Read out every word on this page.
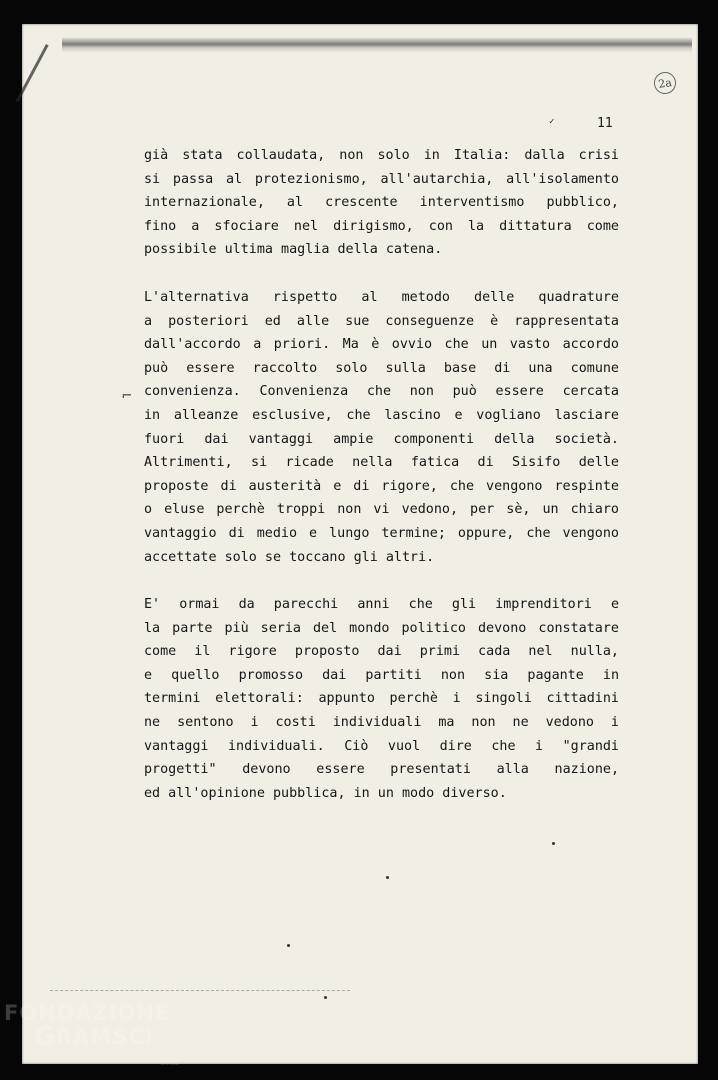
2a
✓	11
⌐
già stata collaudata, non solo in Italia: dalla crisi
si passa al protezionismo, all'autarchia, all'isolamento
internazionale, al crescente interventismo pubblico,
fino a sfociare nel dirigismo, con la dittatura come
possibile ultima maglia della catena.
L'alternativa rispetto al metodo delle quadrature
a posteriori ed alle sue conseguenze è rappresentata
dall'accordo a priori. Ma è ovvio che un vasto accordo
può essere raccolto solo sulla base di una comune
convenienza. Convenienza che non può essere cercata
in alleanze esclusive, che lascino e vogliano lasciare
fuori dai vantaggi ampie componenti della società.
Altrimenti, si ricade nella fatica di Sisifo delle
proposte di austerità e di rigore, che vengono respinte
o eluse perchè troppi non vi vedono, per sè, un chiaro
vantaggio di medio e lungo termine; oppure, che vengono
accettate solo se toccano gli altri.
E' ormai da parecchi anni che gli imprenditori e
la parte più seria del mondo politico devono constatare
come il rigore proposto dai primi cada nel nulla,
e quello promosso dai partiti non sia pagante in
termini elettorali: appunto perchè i singoli cittadini
ne sentono i costi individuali ma non ne vedono i
vantaggi individuali. Ciò vuol dire che i "grandi
progetti" devono essere presentati alla nazione,
ed all'opinione pubblica, in un modo diverso.
FONDAZIONE
RAMSCI
G
onlus
